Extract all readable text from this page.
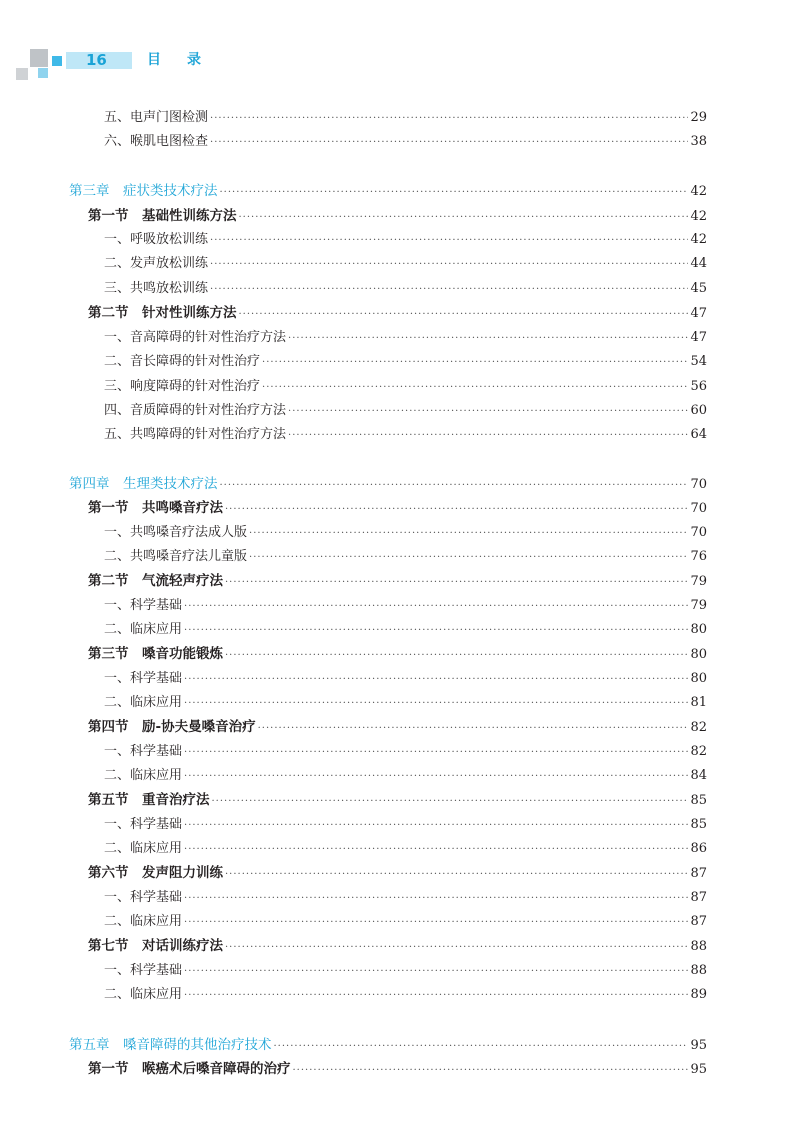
16	目录
五、电声门图检测 ·····	29
六、喉肌电图检查 ·····	38
第三章　症状类技术疗法 ·····	42
第一节　基础性训练方法 ·····	42
一、呼吸放松训练 ·····	42
二、发声放松训练 ·····	44
三、共鸣放松训练 ·····	45
第二节　针对性训练方法 ·····	47
一、音高障碍的针对性治疗方法 ·····	47
二、音长障碍的针对性治疗 ·····	54
三、响度障碍的针对性治疗 ·····	56
四、音质障碍的针对性治疗方法 ·····	60
五、共鸣障碍的针对性治疗方法 ·····	64
第四章　生理类技术疗法 ·····	70
第一节　共鸣嗓音疗法 ·····	70
一、共鸣嗓音疗法成人版 ·····	70
二、共鸣嗓音疗法儿童版 ·····	76
第二节　气流轻声疗法 ·····	79
一、科学基础 ·····	79
二、临床应用 ·····	80
第三节　嗓音功能锻炼 ·····	80
一、科学基础 ·····	80
二、临床应用 ·····	81
第四节　励-协夫曼嗓音治疗 ·····	82
一、科学基础 ·····	82
二、临床应用 ·····	84
第五节　重音治疗法 ·····	85
一、科学基础 ·····	85
二、临床应用 ·····	86
第六节　发声阻力训练 ·····	87
一、科学基础 ·····	87
二、临床应用 ·····	87
第七节　对话训练疗法 ·····	88
一、科学基础 ·····	88
二、临床应用 ·····	89
第五章　嗓音障碍的其他治疗技术 ·····	95
第一节　喉癌术后嗓音障碍的治疗 ·····	95
